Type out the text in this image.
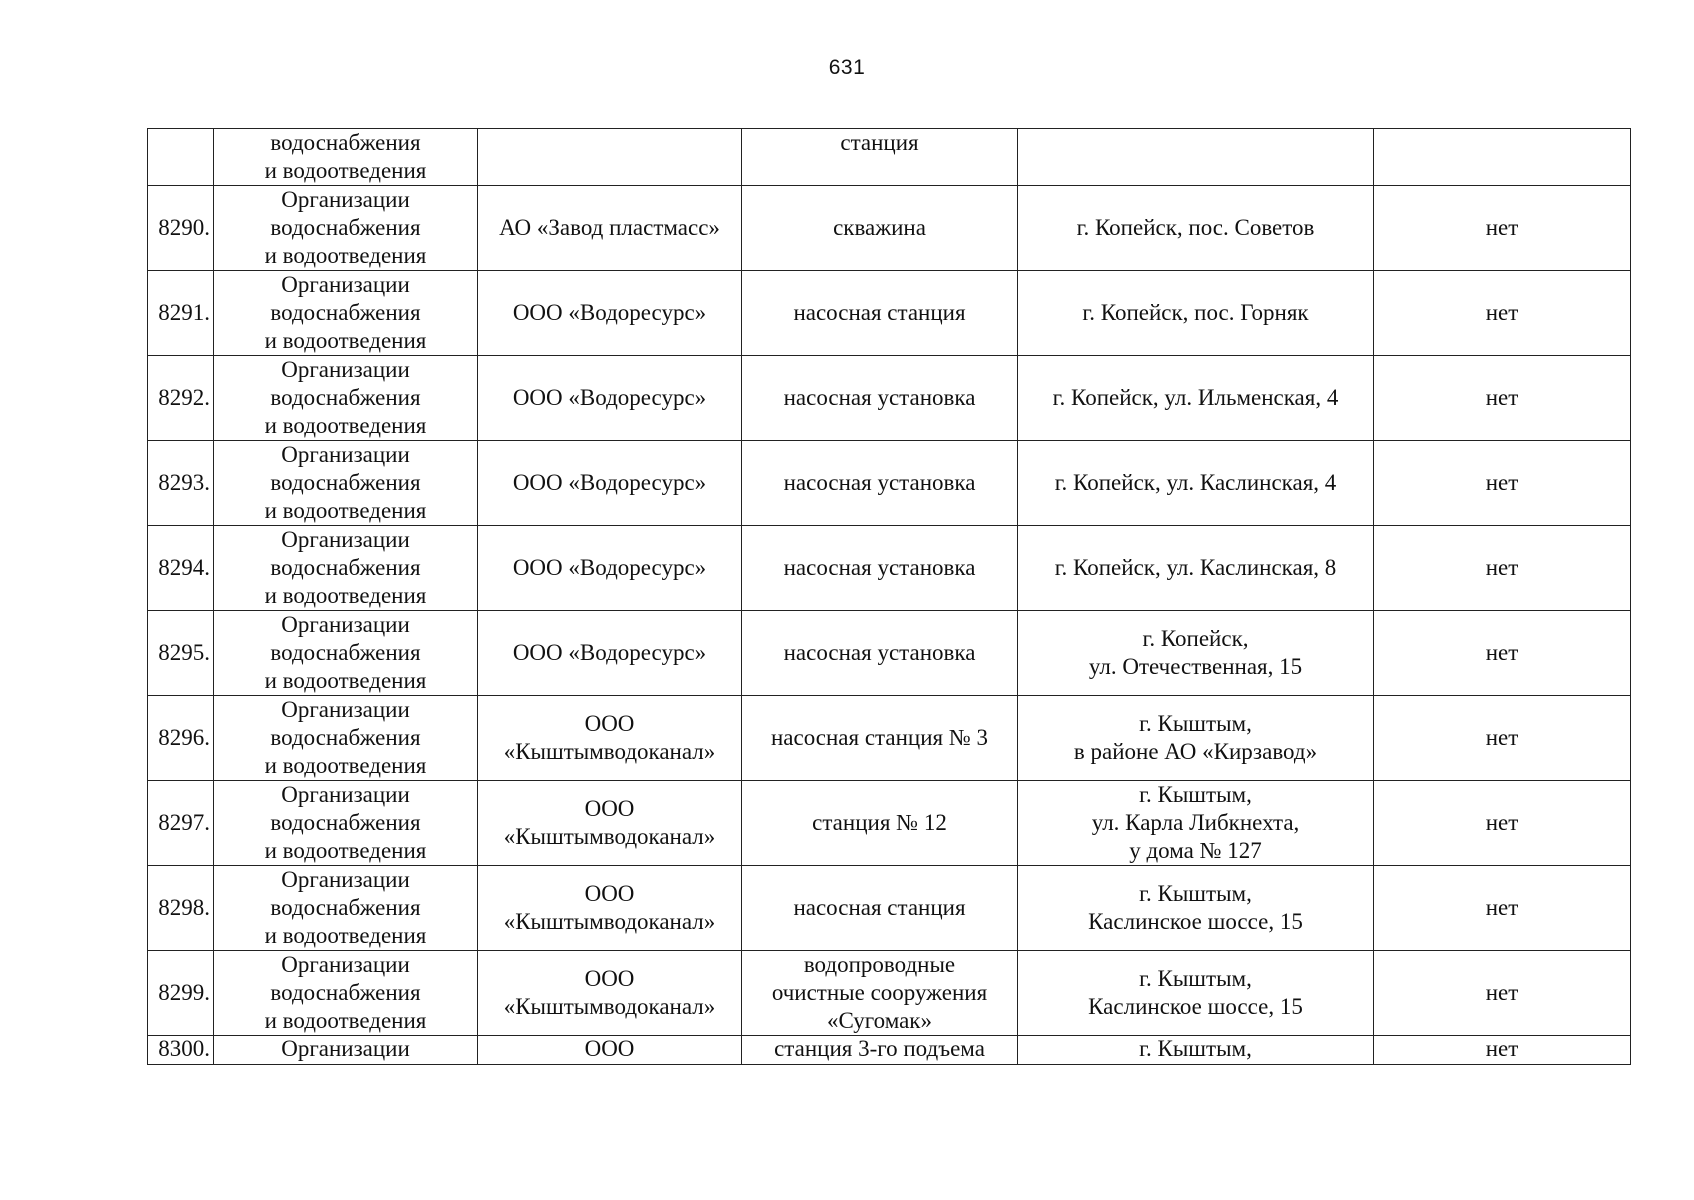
631
	водоснабжения
и водоотведения		станция		
8290.	Организации
водоснабжения
и водоотведения	АО «Завод пластмасс»	скважина	г. Копейск, пос. Советов	нет
8291.	Организации
водоснабжения
и водоотведения	ООО «Водоресурс»	насосная станция	г. Копейск, пос. Горняк	нет
8292.	Организации
водоснабжения
и водоотведения	ООО «Водоресурс»	насосная установка	г. Копейск, ул. Ильменская, 4	нет
8293.	Организации
водоснабжения
и водоотведения	ООО «Водоресурс»	насосная установка	г. Копейск, ул. Каслинская, 4	нет
8294.	Организации
водоснабжения
и водоотведения	ООО «Водоресурс»	насосная установка	г. Копейск, ул. Каслинская, 8	нет
8295.	Организации
водоснабжения
и водоотведения	ООО «Водоресурс»	насосная установка	г. Копейск,
ул. Отечественная, 15	нет
8296.	Организации
водоснабжения
и водоотведения	ООО
«Кыштымводоканал»	насосная станция № 3	г. Кыштым,
в районе АО «Кирзавод»	нет
8297.	Организации
водоснабжения
и водоотведения	ООО
«Кыштымводоканал»	станция № 12	г. Кыштым,
ул. Карла Либкнехта,
у дома № 127	нет
8298.	Организации
водоснабжения
и водоотведения	ООО
«Кыштымводоканал»	насосная станция	г. Кыштым,
Каслинское шоссе, 15	нет
8299.	Организации
водоснабжения
и водоотведения	ООО
«Кыштымводоканал»	водопроводные
очистные сооружения
«Сугомак»	г. Кыштым,
Каслинское шоссе, 15	нет
8300.	Организации	ООО	станция 3-го подъема	г. Кыштым,	нет
